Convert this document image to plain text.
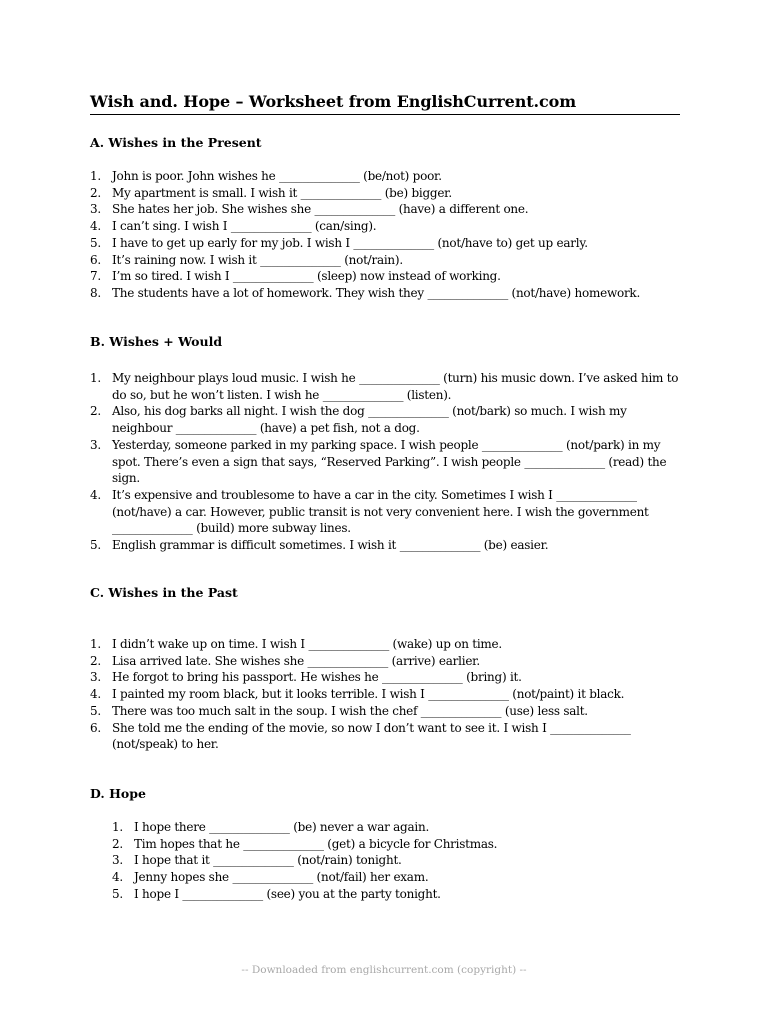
Wish and. Hope – Worksheet from EnglishCurrent.com
A. Wishes in the Present
1. John is poor. John wishes he ______________ (be/not) poor.
2. My apartment is small. I wish it ______________ (be) bigger.
3. She hates her job. She wishes she ______________ (have) a different one.
4. I can’t sing. I wish I ______________ (can/sing).
5. I have to get up early for my job. I wish I ______________ (not/have to) get up early.
6. It’s raining now. I wish it ______________ (not/rain).
7. I’m so tired. I wish I ______________ (sleep) now instead of working.
8. The students have a lot of homework. They wish they ______________ (not/have) homework.
B. Wishes + Would
1. My neighbour plays loud music. I wish he ______________ (turn) his music down. I’ve asked him to do so, but he won’t listen. I wish he ______________ (listen).
2. Also, his dog barks all night. I wish the dog ______________ (not/bark) so much. I wish my neighbour ______________ (have) a pet fish, not a dog.
3. Yesterday, someone parked in my parking space. I wish people ______________ (not/park) in my spot. There’s even a sign that says, “Reserved Parking”. I wish people ______________ (read) the sign.
4. It’s expensive and troublesome to have a car in the city. Sometimes I wish I ______________ (not/have) a car. However, public transit is not very convenient here. I wish the government ______________ (build) more subway lines.
5. English grammar is difficult sometimes. I wish it ______________ (be) easier.
C. Wishes in the Past
1. I didn’t wake up on time. I wish I ______________ (wake) up on time.
2. Lisa arrived late. She wishes she ______________ (arrive) earlier.
3. He forgot to bring his passport. He wishes he ______________ (bring) it.
4. I painted my room black, but it looks terrible. I wish I ______________ (not/paint) it black.
5. There was too much salt in the soup. I wish the chef ______________ (use) less salt.
6. She told me the ending of the movie, so now I don’t want to see it. I wish I ______________ (not/speak) to her.
D. Hope
1. I hope there ______________ (be) never a war again.
2. Tim hopes that he ______________ (get) a bicycle for Christmas.
3. I hope that it ______________ (not/rain) tonight.
4. Jenny hopes she ______________ (not/fail) her exam.
5. I hope I ______________ (see) you at the party tonight.
-- Downloaded from englishcurrent.com (copyright) --
